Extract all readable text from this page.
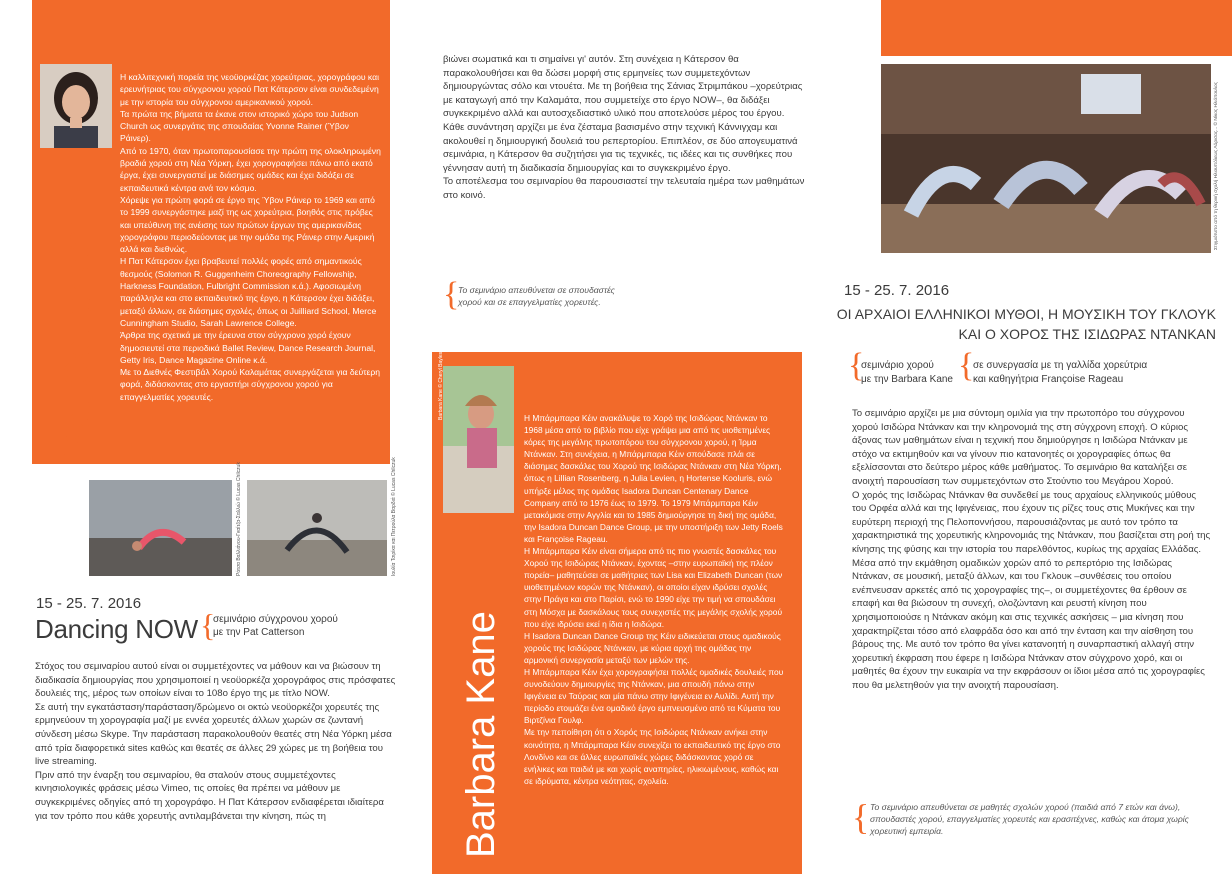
Pat Catterson

Η καλλιτεχνική πορεία της νεοϋορκέζας χορεύτριας, χορογράφου και ερευνήτριας του σύγχρονου χορού Πατ Κάτερσον είναι συνδεδεμένη με την ιστορία του σύγχρονου αμερικανικού χορού.

Τα πρώτα της βήματα τα έκανε στον ιστορικό χώρο του Judson Church ως συνεργάτις της σπουδαίας Yvonne Rainer (Ύβον Ράινερ).

Από το 1970, όταν πρωτοπαρουσίασε την πρώτη της ολοκληρωμένη βραδιά χορού στη Νέα Υόρκη, έχει χορογραφήσει πάνω από εκατό έργα, έχει συνεργαστεί με διάσημες ομάδες και έχει διδάξει σε εκπαιδευτικά κέντρα ανά τον κόσμο.

Χόρεψε για πρώτη φορά σε έργο της Ύβον Ράινερ το 1969 και από το 1999 συνεργάστηκε μαζί της ως χορεύτρια, βοηθός στις πρόβες και υπεύθυνη της ανέισης των πρώτων έργων της αμερικανίδας χορογράφου περιοδεύοντας με την ομάδα της Ράινερ στην Αμερική αλλά και διεθνώς.

Η Πατ Κάτερσον έχει βραβευτεί πολλές φορές από σημαντικούς θεσμούς (Solomon R. Guggenheim Choreography Fellowship, Harkness Foundation, Fulbright Commission κ.ά.). Αφοσιωμένη παράλληλα και στο εκπαιδευτικό της έργο, η Κάτερσον έχει διδάξει, μεταξύ άλλων, σε διάσημες σχολές, όπως οι Juilliard School, Merce Cunningham Studio, Sarah Lawrence College.

Άρθρα της σχετικά με την έρευνα στον σύγχρονο χορό έχουν δημοσιευτεί στα περιοδικά Ballet Review, Dance Research Journal, Getty Iris, Dance Magazine Online κ.ά.

Με το Διεθνές Φεστιβάλ Χορού Καλαμάτας συνεργάζεται για δεύτερη φορά, διδάσκοντας στο εργαστήρι σύγχρονου χορού για επαγγελματίες χορευτές.

Ρότσα Βαλλιάνου-Γκαίτζα-Σαλλιώ © Lucas Chilczuk	Ιουλία Τσιρίκα και Πετρούλα Βαρδιά © Lucas Chilczuk
15 - 25. 7. 2016
Dancing NOW {
σεμινάριο σύγχρονου χορού
με την Pat Catterson

Στόχος του σεμιναρίου αυτού είναι οι συμμετέχοντες να μάθουν και να βιώσουν τη διαδικασία δημιουργίας που χρησιμοποιεί η νεοϋορκέζα χορογράφος στις πρόσφατες δουλειές της, μέρος των οποίων είναι το 108ο έργο της με τίτλο NOW.

Σε αυτή την εγκατάσταση/παράσταση/δρώμενο οι οκτώ νεοϋορκέζοι χορευτές της ερμηνεύουν τη χορογραφία μαζί με εννέα χορευτές άλλων χωρών σε ζωντανή σύνδεση μέσω Skype. Την παράσταση παρακολουθούν θεατές στη Νέα Υόρκη μέσα από τρία διαφορετικά sites καθώς και θεατές σε άλλες 29 χώρες με τη βοήθεια του live streaming.

Πριν από την έναρξη του σεμιναρίου, θα σταλούν στους συμμετέχοντες κινησιολογικές φράσεις μέσω Vimeo, τις οποίες θα πρέπει να μάθουν με συγκεκριμένες οδηγίες από τη χορογράφο. Η Πατ Κάτερσον ενδιαφέρεται ιδιαίτερα για τον τρόπο που κάθε χορευτής αντιλαμβάνεται την κίνηση, πώς τη

βιώνει σωματικά και τι σημαίνει γι' αυτόν. Στη συνέχεια η Κάτερσον θα παρακολουθήσει και θα δώσει μορφή στις ερμηνείες των συμμετεχόντων δημιουργώντας σόλο και ντουέτα. Με τη βοήθεια της Σάνιας Στριμπάκου –χορεύτριας με καταγωγή από την Καλαμάτα, που συμμετείχε στο έργο NOW–, θα διδάξει συγκεκριμένο αλλά και αυτοσχεδιαστικό υλικό που αποτελούσε μέρος του έργου.

Κάθε συνάντηση αρχίζει με ένα ζέσταμα βασισμένο στην τεχνική Κάννιγχαμ και ακολουθεί η δημιουργική δουλειά του ρεπερτορίου. Επιπλέον, σε δύο απογευματινά σεμινάρια, η Κάτερσον θα συζητήσει για τις τεχνικές, τις ιδέες και τις συνθήκες που γέννησαν αυτή τη διαδικασία δημιουργίας και το συγκεκριμένο έργο.

Το αποτέλεσμα του σεμιναρίου θα παρουσιαστεί την τελευταία ημέρα των μαθημάτων στο κοινό.

{
Το σεμινάριο απευθύνεται σε σπουδαστές χορού και σε επαγγελματίες χορευτές.
Barbara Kane © Cheryl Bayles
Barbara Kane

Η Μπάρμπαρα Κέιν ανακάλυψε το Χορό της Ισιδώρας Ντάνκαν το 1968 μέσα από το βιβλίο που είχε γράψει μια από τις υιοθετημένες κόρες της μεγάλης πρωτοπόρου του σύγχρονου χορού, η Ίρμα Ντάνκαν. Στη συνέχεια, η Μπάρμπαρα Κέιν σπούδασε πλάι σε διάσημες δασκάλες του Χορού της Ισιδώρας Ντάνκαν στη Νέα Υόρκη, όπως η Lillian Rosenberg, η Julia Levien, η Hortense Kooluris, ενώ υπήρξε μέλος της ομάδας Isadora Duncan Centenary Dance Company από το 1976 έως το 1979. Το 1979 Μπάρμπαρα Κέιν μετακόμισε στην Αγγλία και το 1985 δημιούργησε τη δική της ομάδα, την Isadora Duncan Dance Group, με την υποστήριξη των Jetty Roels και Françoise Rageau.

Η Μπάρμπαρα Κέιν είναι σήμερα από τις πιο γνωστές δασκάλες του Χορού της Ισιδώρας Ντάνκαν, έχοντας –στην ευρωπαϊκή της πλέον πορεία– μαθητεύσει σε μαθήτριες των Lisa και Elizabeth Duncan (των υιοθετημένων κορών της Ντάνκαν), οι οποίοι είχαν ιδρύσει σχολές στην Πράγα και στο Παρίσι, ενώ το 1990 είχε την τιμή να σπουδάσει στη Μόσχα με δασκάλους τους συνεχιστές της μεγάλης σχολής χορού που είχε ιδρύσει εκεί η ίδια η Ισιδώρα.

Η Isadora Duncan Dance Group της Κέιν ειδικεύεται στους ομαδικούς χορούς της Ισιδώρας Ντάνκαν, με κύρια αρχή της ομάδας την αρμονική συνεργασία μεταξύ των μελών της.

Η Μπάρμπαρα Κέιν έχει χορογραφήσει πολλές ομαδικές δουλειές που συνοδεύουν δημιουργίες της Ντάνκαν, μια σπουδή πάνω στην Ιφιγένεια εν Ταύροις και μία πάνω στην Ιφιγένεια εν Αυλίδι. Αυτή την περίοδο ετοιμάζει ένα ομαδικό έργο εμπνευσμένο από τα Κύματα του Βιρτζίνια Γουλφ.

Με την πεποίθηση ότι ο Χορός της Ισιδώρας Ντάνκαν ανήκει στην κοινότητα, η Μπάρμπαρα Κέιν συνεχίζει το εκπαιδευτικό της έργο στο Λονδίνο και σε άλλες ευρωπαϊκές χώρες διδάσκοντας χορό σε ενήλικες και παιδιά με και χωρίς αναπηρίες, ηλικιωμένους, καθώς και σε ιδρύματα, κέντρα νεότητας, σχολεία.

Στιγμιότυπο από τη θερινή σχολή Ηλιουπόλεως Λάρισας... © Νίκος Ηλιόπουλος
15 - 25. 7. 2016
ΟΙ ΑΡΧΑΙΟΙ ΕΛΛΗΝΙΚΟΙ ΜΥΘΟΙ, Η ΜΟΥΣΙΚΗ ΤΟΥ ΓΚΛΟΥΚ
ΚΑΙ Ο ΧΟΡΟΣ ΤΗΣ ΙΣΙΔΩΡΑΣ ΝΤΑΝΚΑΝ
{
σεμινάριο χορού
με την Barbara Kane {
σε συνεργασία με τη γαλλίδα χορεύτρια
και καθηγήτρια Françoise Rageau

Το σεμινάριο αρχίζει με μια σύντομη ομιλία για την πρωτοπόρο του σύγχρονου χορού Ισιδώρα Ντάνκαν και την κληρονομιά της στη σύγχρονη εποχή. Ο κύριος άξονας των μαθημάτων είναι η τεχνική που δημιούργησε η Ισιδώρα Ντάνκαν με στόχο να εκτιμηθούν και να γίνουν πιο κατανοητές οι χορογραφίες όπως θα εξελίσσονται στο δεύτερο μέρος κάθε μαθήματος. Το σεμινάριο θα καταλήξει σε ανοιχτή παρουσίαση των συμμετεχόντων στο Στούντιο του Μεγάρου Χορού.

Ο χορός της Ισιδώρας Ντάνκαν θα συνδεθεί με τους αρχαίους ελληνικούς μύθους του Ορφέα αλλά και της Ιφιγένειας, που έχουν τις ρίζες τους στις Μυκήνες και την ευρύτερη περιοχή της Πελοποννήσου, παρουσιάζοντας με αυτό τον τρόπο τα χαρακτηριστικά της χορευτικής κληρονομιάς της Ντάνκαν, που βασίζεται στη ροή της κίνησης της φύσης και την ιστορία του παρελθόντος, κυρίως της αρχαίας Ελλάδας.

Μέσα από την εκμάθηση ομαδικών χορών από το ρεπερτόριο της Ισιδώρας Ντάνκαν, σε μουσική, μεταξύ άλλων, και του Γκλουκ –συνθέσεις του οποίου ενέπνευσαν αρκετές από τις χορογραφίες της–, οι συμμετέχοντες θα έρθουν σε επαφή και θα βιώσουν τη συνεχή, ολοζώντανη και ρευστή κίνηση που χρησιμοποιούσε η Ντάνκαν ακόμη και στις τεχνικές ασκήσεις – μια κίνηση που χαρακτηρίζεται τόσο από ελαφράδα όσο και από την ένταση και την αίσθηση του βάρους της. Με αυτό τον τρόπο θα γίνει κατανοητή η συναρπαστική αλλαγή στην χορευτική έκφραση που έφερε η Ισιδώρα Ντάνκαν στον σύγχρονο χορό, και οι μαθητές θα έχουν την ευκαιρία να την εκφράσουν οι ίδιοι μέσα από τις χορογραφίες που θα μελετηθούν για την ανοιχτή παρουσίαση.

{ Το σεμινάριο απευθύνεται σε μαθητές σχολών χορού (παιδιά από 7 ετών και άνω), σπουδαστές χορού, επαγγελματίες χορευτές και ερασιτέχνες, καθώς και άτομα χωρίς χορευτική εμπειρία.
